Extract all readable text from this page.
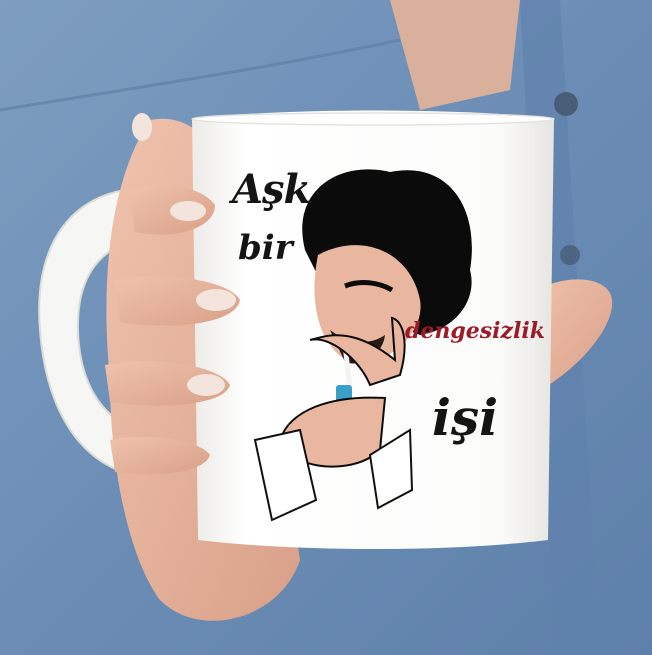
Aşk
bir
dengesizlik
işi
